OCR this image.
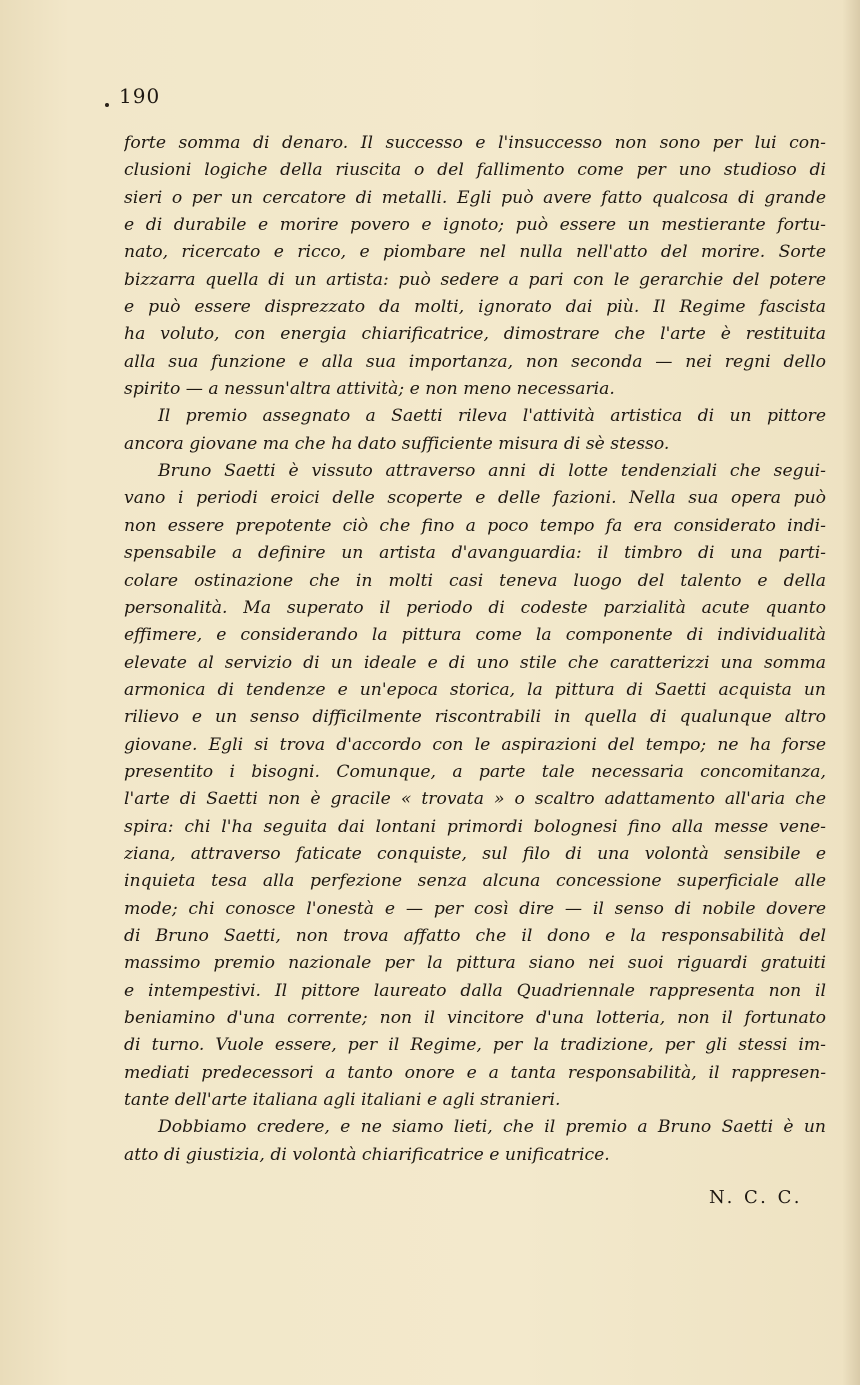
190
forte somma di denaro. Il successo e l'insuccesso non sono per lui con-
clusioni logiche della riuscita o del fallimento come per uno studioso di
sieri o per un cercatore di metalli. Egli può avere fatto qualcosa di grande
e di durabile e morire povero e ignoto; può essere un mestierante fortu-
nato, ricercato e ricco, e piombare nel nulla nell'atto del morire. Sorte
bizzarra quella di un artista: può sedere a pari con le gerarchie del potere
e può essere disprezzato da molti, ignorato dai più. Il Regime fascista
ha voluto, con energia chiarificatrice, dimostrare che l'arte è restituita
alla sua funzione e alla sua importanza, non seconda — nei regni dello
spirito — a nessun'altra attività; e non meno necessaria.
Il premio assegnato a Saetti rileva l'attività artistica di un pittore
ancora giovane ma che ha dato sufficiente misura di sè stesso.
Bruno Saetti è vissuto attraverso anni di lotte tendenziali che segui-
vano i periodi eroici delle scoperte e delle fazioni. Nella sua opera può
non essere prepotente ciò che fino a poco tempo fa era considerato indi-
spensabile a definire un artista d'avanguardia: il timbro di una parti-
colare ostinazione che in molti casi teneva luogo del talento e della
personalità. Ma superato il periodo di codeste parzialità acute quanto
effimere, e considerando la pittura come la componente di individualità
elevate al servizio di un ideale e di uno stile che caratterizzi una somma
armonica di tendenze e un'epoca storica, la pittura di Saetti acquista un
rilievo e un senso difficilmente riscontrabili in quella di qualunque altro
giovane. Egli si trova d'accordo con le aspirazioni del tempo; ne ha forse
presentito i bisogni. Comunque, a parte tale necessaria concomitanza,
l'arte di Saetti non è gracile « trovata » o scaltro adattamento all'aria che
spira: chi l'ha seguita dai lontani primordi bolognesi fino alla messe vene-
ziana, attraverso faticate conquiste, sul filo di una volontà sensibile e
inquieta tesa alla perfezione senza alcuna concessione superficiale alle
mode; chi conosce l'onestà e — per così dire — il senso di nobile dovere
di Bruno Saetti, non trova affatto che il dono e la responsabilità del
massimo premio nazionale per la pittura siano nei suoi riguardi gratuiti
e intempestivi. Il pittore laureato dalla Quadriennale rappresenta non il
beniamino d'una corrente; non il vincitore d'una lotteria, non il fortunato
di turno. Vuole essere, per il Regime, per la tradizione, per gli stessi im-
mediati predecessori a tanto onore e a tanta responsabilità, il rappresen-
tante dell'arte italiana agli italiani e agli stranieri.
Dobbiamo credere, e ne siamo lieti, che il premio a Bruno Saetti è un
atto di giustizia, di volontà chiarificatrice e unificatrice.
N. C. C.
